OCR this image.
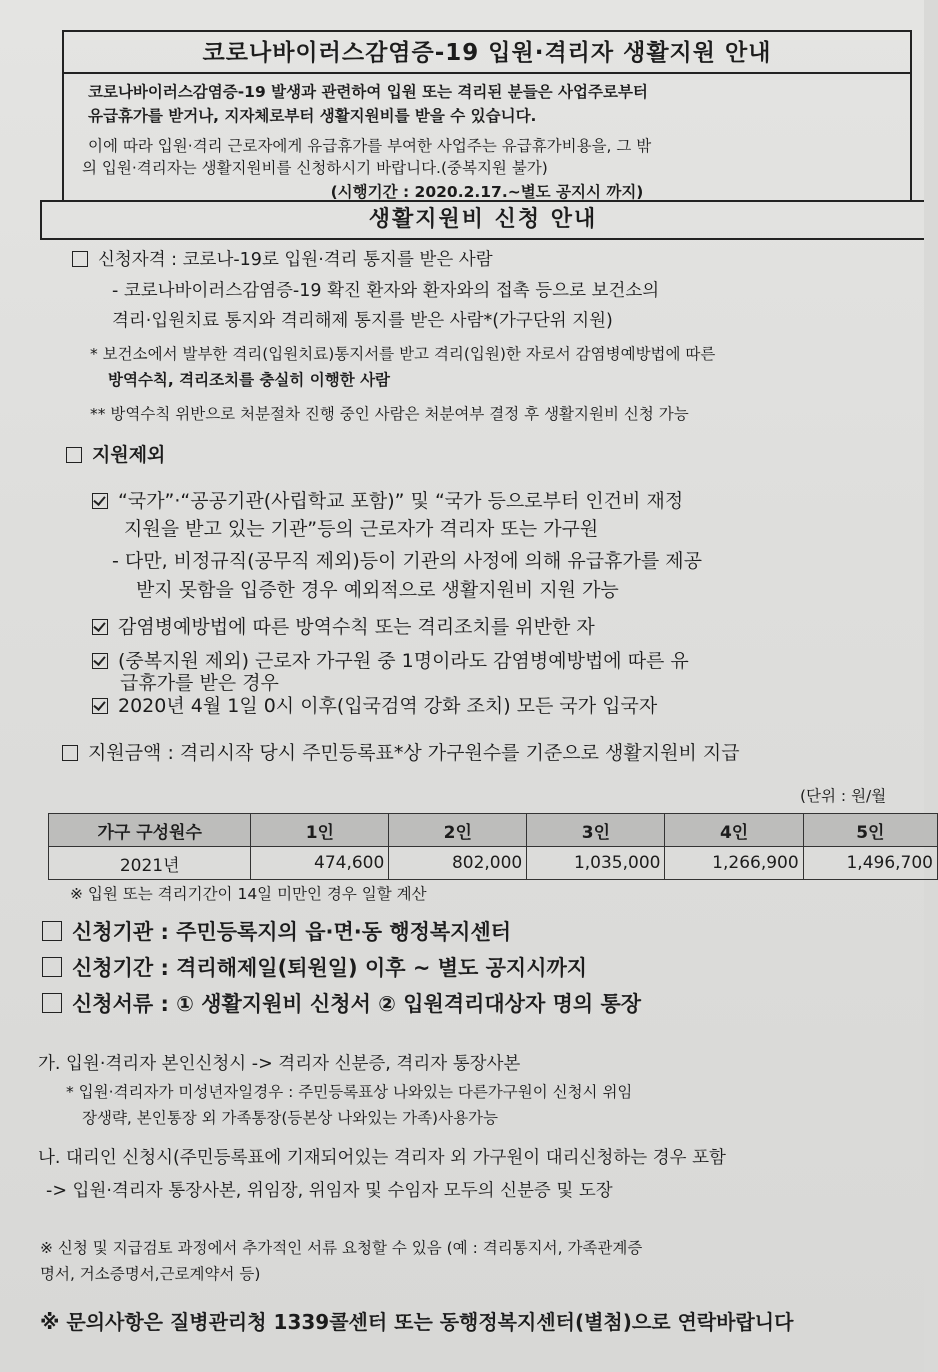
코로나바이러스감염증-19 입원·격리자 생활지원 안내
코로나바이러스감염증-19 발생과 관련하여 입원 또는 격리된 분들은 사업주로부터
유급휴가를 받거나, 지자체로부터 생활지원비를 받을 수 있습니다.
이에 따라 입원·격리 근로자에게 유급휴가를 부여한 사업주는 유급휴가비용을, 그 밖
의 입원·격리자는 생활지원비를 신청하시기 바랍니다.(중복지원 불가)
(시행기간 : 2020.2.17.~별도 공지시 까지)
생활지원비 신청 안내
신청자격 : 코로나-19로 입원·격리 통지를 받은 사람
- 코로나바이러스감염증-19 확진 환자와 환자와의 접촉 등으로 보건소의
격리·입원치료 통지와 격리해제 통지를 받은 사람*(가구단위 지원)
* 보건소에서 발부한 격리(입원치료)통지서를 받고 격리(입원)한 자로서 감염병예방법에 따른
방역수칙, 격리조치를 충실히 이행한 사람
** 방역수칙 위반으로 처분절차 진행 중인 사람은 처분여부 결정 후 생활지원비 신청 가능
지원제외
“국가”·“공공기관(사립학교 포함)” 및 “국가 등으로부터 인건비 재정
지원을 받고 있는 기관”등의 근로자가 격리자 또는 가구원
- 다만, 비정규직(공무직 제외)등이 기관의 사정에 의해 유급휴가를 제공
받지 못함을 입증한 경우 예외적으로 생활지원비 지원 가능
감염병예방법에 따른 방역수칙 또는 격리조치를 위반한 자
(중복지원 제외) 근로자 가구원 중 1명이라도 감염병예방법에 따른 유
급휴가를 받은 경우
2020년 4월 1일 0시 이후(입국검역 강화 조치) 모든 국가 입국자
지원금액 : 격리시작 당시 주민등록표*상 가구원수를 기준으로 생활지원비 지급
(단위 : 원/월
가구 구성원수	1인	2인	3인	4인	5인
2021년	474,600	802,000	1,035,000	1,266,900	1,496,700
※ 입원 또는 격리기간이 14일 미만인 경우 일할 계산
신청기관 : 주민등록지의 읍·면·동 행정복지센터
신청기간 : 격리해제일(퇴원일) 이후 ~ 별도 공지시까지
신청서류 : ① 생활지원비 신청서 ② 입원격리대상자 명의 통장
가. 입원·격리자 본인신청시 -> 격리자 신분증, 격리자 통장사본
* 입원·격리자가 미성년자일경우 : 주민등록표상 나와있는 다른가구원이 신청시 위임
장생략, 본인통장 외 가족통장(등본상 나와있는 가족)사용가능
나. 대리인 신청시(주민등록표에 기재되어있는 격리자 외 가구원이 대리신청하는 경우 포함
-> 입원·격리자 통장사본, 위임장, 위임자 및 수임자 모두의 신분증 및 도장
※ 신청 및 지급검토 과정에서 추가적인 서류 요청할 수 있음 (예 : 격리통지서, 가족관계증
명서, 거소증명서,근로계약서 등)
※ 문의사항은 질병관리청 1339콜센터 또는 동행정복지센터(별첨)으로 연락바랍니다
